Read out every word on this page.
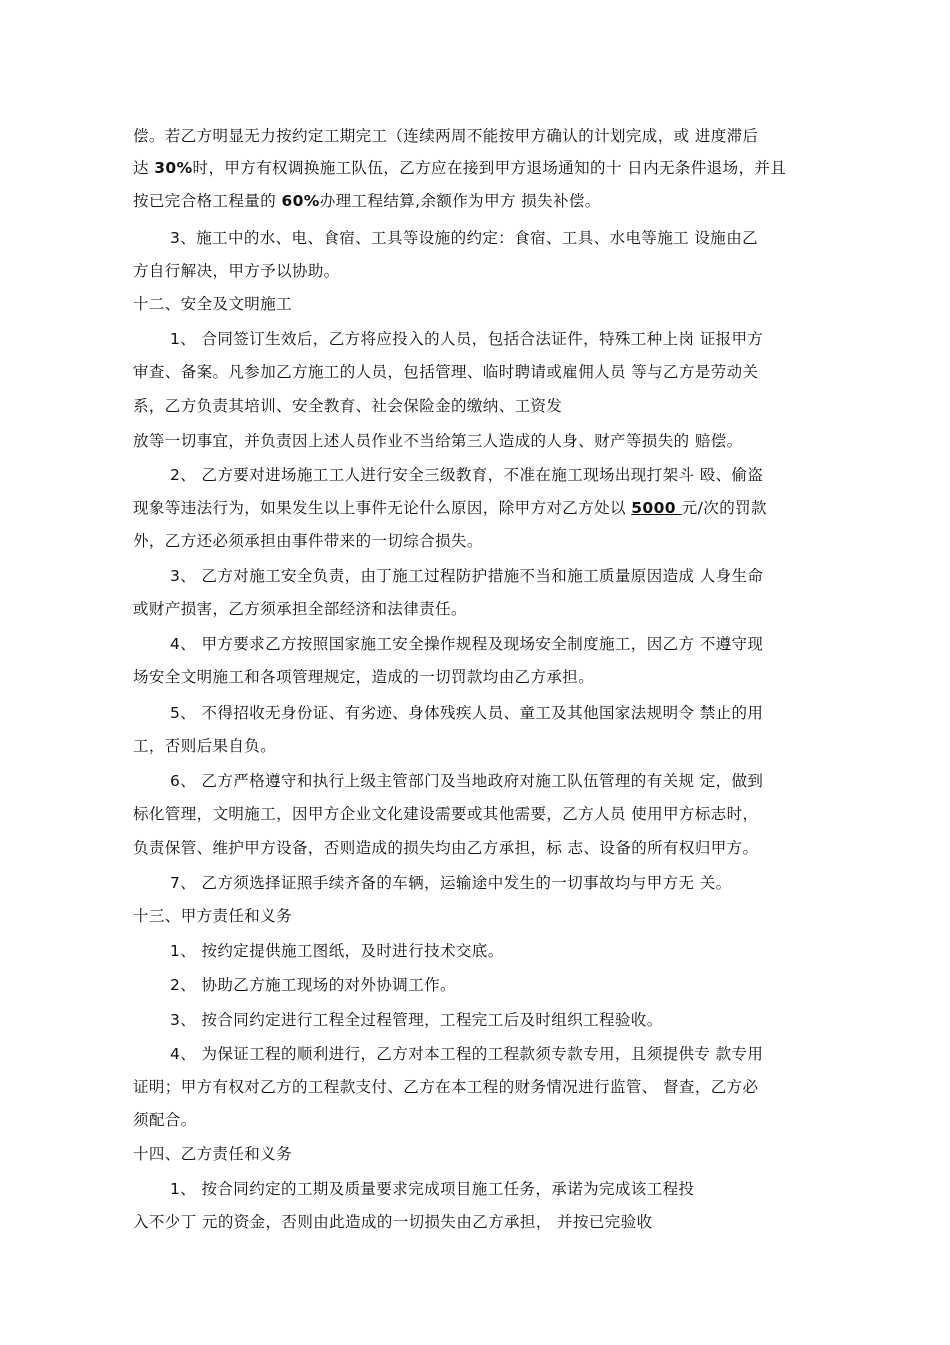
偿。若乙方明显无力按约定工期完工（连续两周不能按甲方确认的计划完成，或 进度滞后
达 30%时，甲方有权调换施工队伍，乙方应在接到甲方退场通知的十 日内无条件退场，并且
按已完合格工程量的 60%办理工程结算,余额作为甲方 损失补偿。
3、施工中的水、电、食宿、工具等设施的约定：食宿、工具、水电等施工 设施由乙
方自行解决，甲方予以协助。
十二、安全及文明施工
1、 合同签订生效后，乙方将应投入的人员，包括合法证件，特殊工种上岗 证报甲方
审查、备案。凡参加乙方施工的人员，包括管理、临时聘请或雇佣人员 等与乙方是劳动关
系，乙方负责其培训、安全教育、社会保险金的缴纳、工资发
放等一切事宜，并负责因上述人员作业不当给第三人造成的人身、财产等损失的 赔偿。
2、 乙方要对进场施工工人进行安全三级教育，不准在施工现场出现打架斗 殴、偷盗
现象等违法行为，如果发生以上事件无论什么原因，除甲方对乙方处以 5000 元/次的罚款
外，乙方还必须承担由事件带来的一切综合损失。
3、 乙方对施工安全负责，由丁施工过程防护措施不当和施工质量原因造成 人身生命
或财产损害，乙方须承担全部经济和法律责任。
4、 甲方要求乙方按照国家施工安全操作规程及现场安全制度施工，因乙方 不遵守现
场安全文明施工和各项管理规定，造成的一切罚款均由乙方承担。
5、 不得招收无身份证、有劣迹、身体残疾人员、童工及其他国家法规明令 禁止的用
工，否则后果自负。
6、 乙方严格遵守和执行上级主管部门及当地政府对施工队伍管理的有关规 定，做到
标化管理，文明施工，因甲方企业文化建设需要或其他需要，乙方人员 使用甲方标志时，
负责保管、维护甲方设备，否则造成的损失均由乙方承担，标 志、设备的所有权归甲方。
7、 乙方须选择证照手续齐备的车辆，运输途中发生的一切事故均与甲方无 关。
十三、甲方责任和义务
1、 按约定提供施工图纸，及时进行技术交底。
2、 协助乙方施工现场的对外协调工作。
3、 按合同约定进行工程全过程管理，工程完工后及时组织工程验收。
4、 为保证工程的顺利进行，乙方对本工程的工程款须专款专用，且须提供专 款专用
证明；甲方有权对乙方的工程款支付、乙方在本工程的财务情况进行监管、 督查，乙方必
须配合。
十四、乙方责任和义务
1、 按合同约定的工期及质量要求完成项目施工任务，承诺为完成该工程投
入不少丁 元的资金，否则由此造成的一切损失由乙方承担， 并按已完验收
